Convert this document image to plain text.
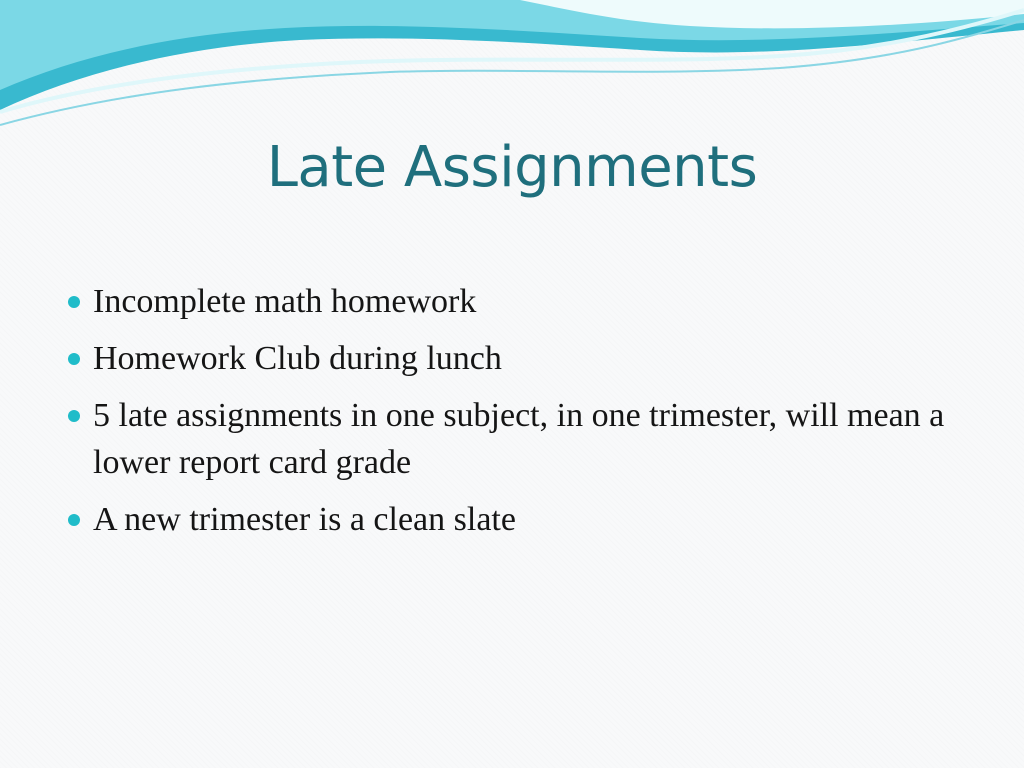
Late Assignments
Incomplete math homework
Homework Club during lunch
5 late assignments in one subject, in one trimester, will mean a lower report card grade
A new trimester is a clean slate
